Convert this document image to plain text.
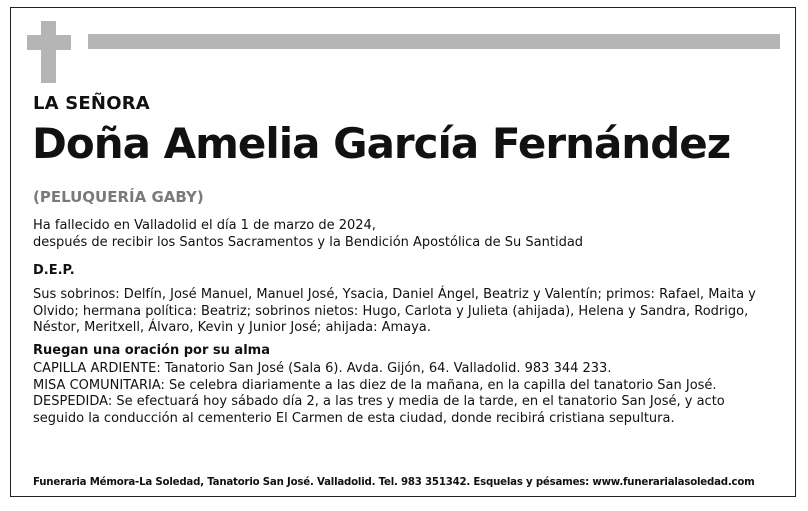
LA SEÑORA
Doña Amelia García Fernández
(PELUQUERÍA GABY)
Ha fallecido en Valladolid el día 1 de marzo de 2024,
después de recibir los Santos Sacramentos y la Bendición Apostólica de Su Santidad
D.E.P.
Sus sobrinos: Delfín, José Manuel, Manuel José, Ysacia, Daniel Ángel, Beatriz y Valentín; primos: Rafael, Maita y Olvido; hermana política: Beatriz; sobrinos nietos: Hugo, Carlota y Julieta (ahijada), Helena y Sandra, Rodrigo, Néstor, Meritxell, Álvaro, Kevin y Junior José; ahijada: Amaya.
Ruegan una oración por su alma
CAPILLA ARDIENTE: Tanatorio San José (Sala 6). Avda. Gijón, 64. Valladolid. 983 344 233.
MISA COMUNITARIA: Se celebra diariamente a las diez de la mañana, en la capilla del tanatorio San José.
DESPEDIDA: Se efectuará hoy sábado día 2, a las tres y media de la tarde, en el tanatorio San José, y acto seguido la conducción al cementerio El Carmen de esta ciudad, donde recibirá cristiana sepultura.
Funeraria Mémora-La Soledad, Tanatorio San José. Valladolid. Tel. 983 351342. Esquelas y pésames: www.funerarialasoledad.com
